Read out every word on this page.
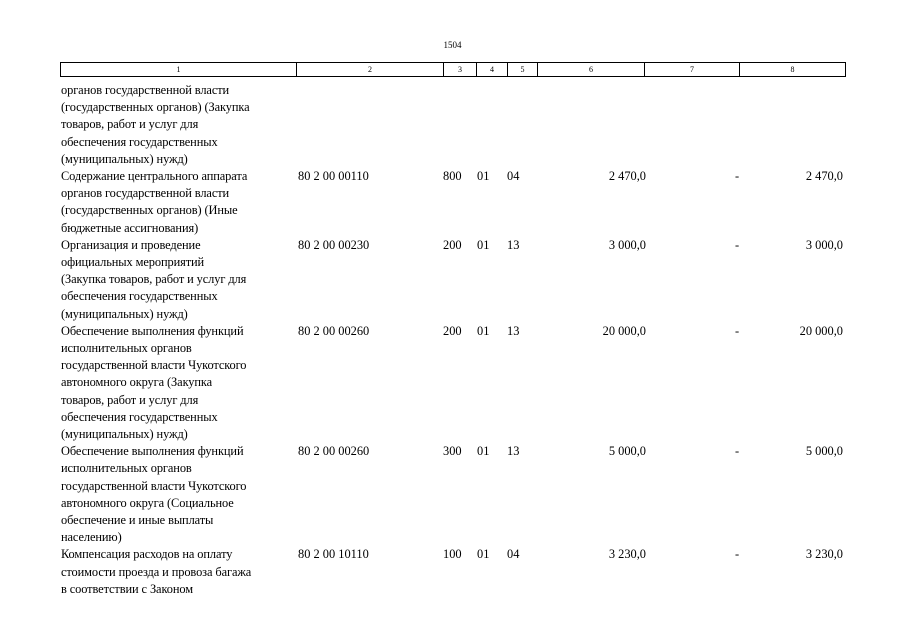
1504
1	2	3	4	5	6	7	8
органов государственной власти
(государственных органов) (Закупка
товаров, работ и услуг для
обеспечения государственных
(муниципальных) нужд)
Содержание центрального аппарата
органов государственной власти
(государственных органов) (Иные
бюджетные ассигнования)
80 2 00 00110	800 01 04	2 470,0	-	2 470,0
Организация и проведение
официальных мероприятий
(Закупка товаров, работ и услуг для
обеспечения государственных
(муниципальных) нужд)
80 2 00 00230	200 01 13	3 000,0	-	3 000,0
Обеспечение выполнения функций
исполнительных органов
государственной власти Чукотского
автономного округа (Закупка
товаров, работ и услуг для
обеспечения государственных
(муниципальных) нужд)
80 2 00 00260	200 01 13	20 000,0	-	20 000,0
Обеспечение выполнения функций
исполнительных органов
государственной власти Чукотского
автономного округа (Социальное
обеспечение и иные выплаты
населению)
80 2 00 00260	300 01 13	5 000,0	-	5 000,0
Компенсация расходов на оплату
стоимости проезда и провоза багажа
в соответствии с Законом
80 2 00 10110	100 01 04	3 230,0	-	3 230,0
